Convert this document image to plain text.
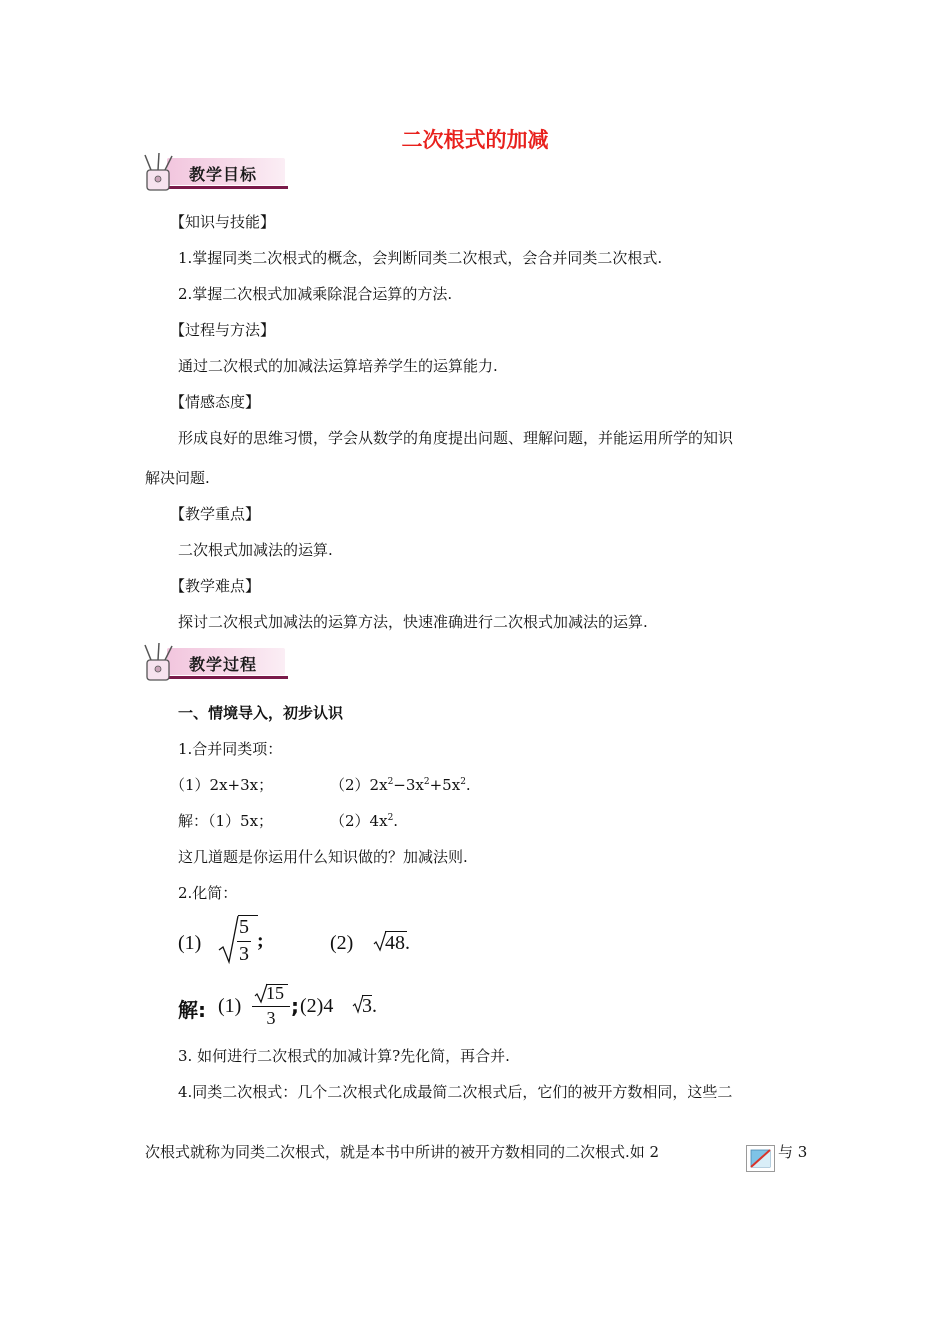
二次根式的加减
教学目标
【知识与技能】
1.掌握同类二次根式的概念，会判断同类二次根式，会合并同类二次根式.
2.掌握二次根式加减乘除混合运算的方法.
【过程与方法】
通过二次根式的加减法运算培养学生的运算能力.
【情感态度】
形成良好的思维习惯，学会从数学的角度提出问题、理解问题，并能运用所学的知识
解决问题.
【教学重点】
二次根式加减法的运算.
【教学难点】
探讨二次根式加减法的运算方法，快速准确进行二次根式加减法的运算.
教学过程
一、情境导入，初步认识
1.合并同类项：
（1）2x+3x；	$(2)2x^2-3x^2+5x^2$.
解：（1）5x；	$(2)4x^2$.
这几道题是你运用什么知识做的？加减法则.
2.化简：
(1)
5
3
;	(2) 48.
解: (1)
15
3 ; (2)4 3.
3. 如何进行二次根式的加减计算?先化简，再合并.
4.同类二次根式：几个二次根式化成最简二次根式后，它们的被开方数相同，这些二
次根式就称为同类二次根式，就是本书中所讲的被开方数相同的二次根式.如 2	与 3
